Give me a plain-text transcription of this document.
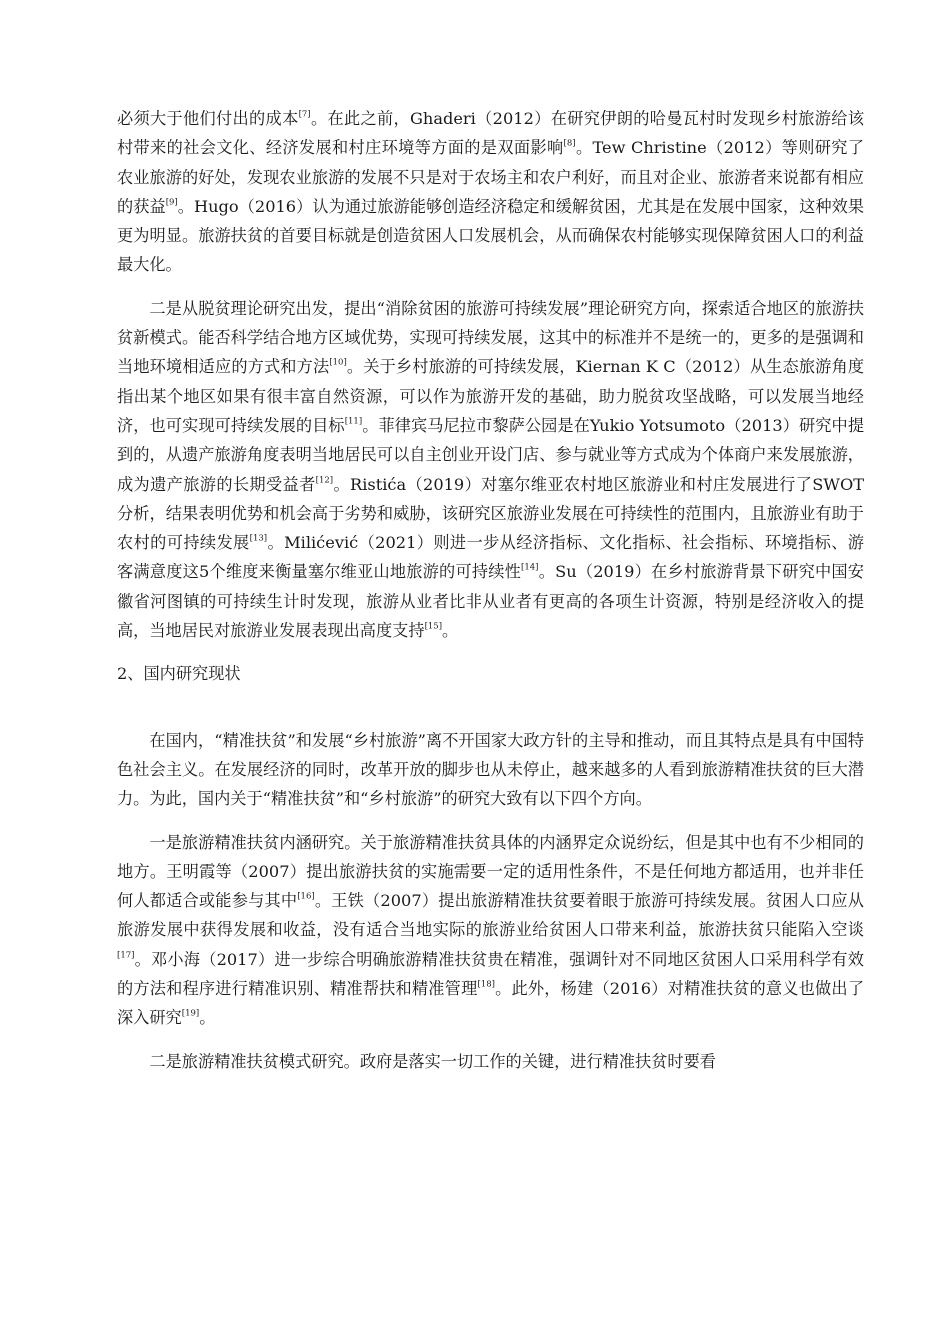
必须大于他们付出的成本[7]。在此之前，Ghaderi（2012）在研究伊朗的哈曼瓦村时发现乡村旅游给该村带来的社会文化、经济发展和村庄环境等方面的是双面影响[8]。Tew Christine（2012）等则研究了农业旅游的好处，发现农业旅游的发展不只是对于农场主和农户利好，而且对企业、旅游者来说都有相应的获益[9]。Hugo（2016）认为通过旅游能够创造经济稳定和缓解贫困，尤其是在发展中国家，这种效果更为明显。旅游扶贫的首要目标就是创造贫困人口发展机会，从而确保农村能够实现保障贫困人口的利益最大化。
二是从脱贫理论研究出发，提出“消除贫困的旅游可持续发展”理论研究方向，探索适合地区的旅游扶贫新模式。能否科学结合地方区域优势，实现可持续发展，这其中的标准并不是统一的，更多的是强调和当地环境相适应的方式和方法[10]。关于乡村旅游的可持续发展，Kiernan K C（2012）从生态旅游角度指出某个地区如果有很丰富自然资源，可以作为旅游开发的基础，助力脱贫攻坚战略，可以发展当地经济，也可实现可持续发展的目标[11]。菲律宾马尼拉市黎萨公园是在Yukio Yotsumoto（2013）研究中提到的，从遗产旅游角度表明当地居民可以自主创业开设门店、参与就业等方式成为个体商户来发展旅游，成为遗产旅游的长期受益者[12]。Ristića（2019）对塞尔维亚农村地区旅游业和村庄发展进行了SWOT分析，结果表明优势和机会高于劣势和威胁，该研究区旅游业发展在可持续性的范围内，且旅游业有助于农村的可持续发展[13]。Milićević（2021）则进一步从经济指标、文化指标、社会指标、环境指标、游客满意度这5个维度来衡量塞尔维亚山地旅游的可持续性[14]。Su（2019）在乡村旅游背景下研究中国安徽省河图镇的可持续生计时发现，旅游从业者比非从业者有更高的各项生计资源，特别是经济收入的提高，当地居民对旅游业发展表现出高度支持[15]。
2、国内研究现状
在国内，“精准扶贫”和发展“乡村旅游”离不开国家大政方针的主导和推动，而且其特点是具有中国特色社会主义。在发展经济的同时，改革开放的脚步也从未停止，越来越多的人看到旅游精准扶贫的巨大潜力。为此，国内关于“精准扶贫”和“乡村旅游”的研究大致有以下四个方向。
一是旅游精准扶贫内涵研究。关于旅游精准扶贫具体的内涵界定众说纷纭，但是其中也有不少相同的地方。王明霞等（2007）提出旅游扶贫的实施需要一定的适用性条件，不是任何地方都适用，也并非任何人都适合或能参与其中[16]。王铁（2007）提出旅游精准扶贫要着眼于旅游可持续发展。贫困人口应从旅游发展中获得发展和收益，没有适合当地实际的旅游业给贫困人口带来利益，旅游扶贫只能陷入空谈[17]。邓小海（2017）进一步综合明确旅游精准扶贫贵在精准，强调针对不同地区贫困人口采用科学有效的方法和程序进行精准识别、精准帮扶和精准管理[18]。此外，杨建（2016）对精准扶贫的意义也做出了深入研究[19]。
二是旅游精准扶贫模式研究。政府是落实一切工作的关键，进行精准扶贫时要看
